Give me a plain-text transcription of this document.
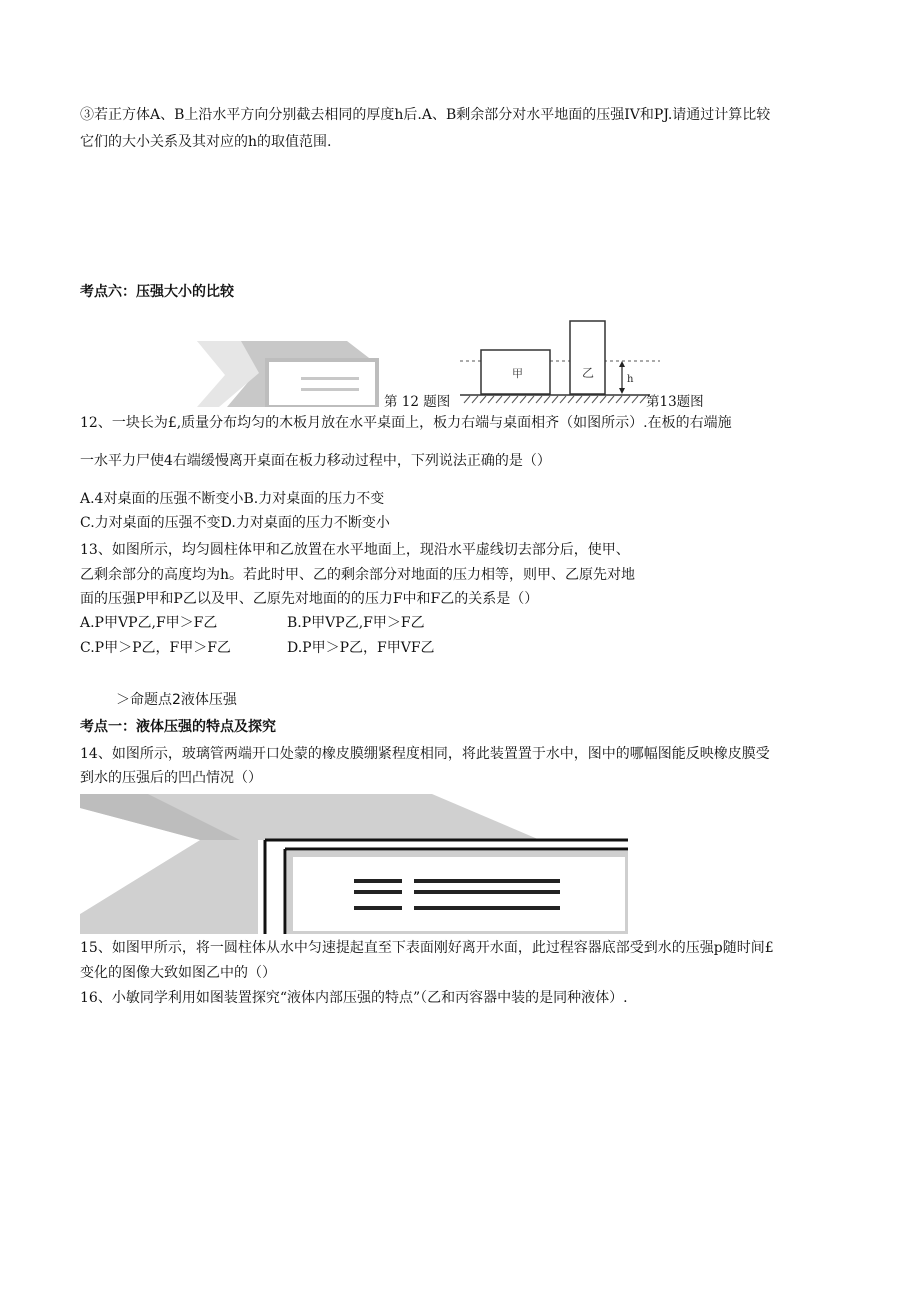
③若正方体A、B上沿水平方向分别截去相同的厚度h后.A、B剩余部分对水平地面的压强IV和PJ.请通过计算比较
它们的大小关系及其对应的h的取值范围.
考点六：压强大小的比较
第 12 题图
甲	乙	h
第13题图
12、一块长为£,质量分布均匀的木板月放在水平桌面上，板力右端与桌面相齐（如图所示）.在板的右端施
一水平力尸使4右端缓慢离开桌面在板力移动过程中，下列说法正确的是（）
A.4对桌面的压强不断变小B.力对桌面的压力不变
C.力对桌面的压强不变D.力对桌面的压力不断变小
13、如图所示，均匀圆柱体甲和乙放置在水平地面上，现沿水平虚线切去部分后，使甲、
乙剩余部分的高度均为h。若此时甲、乙的剩余部分对地面的压力相等，则甲、乙原先对地
面的压强P甲和P乙以及甲、乙原先对地面的的压力F中和F乙的关系是（）
A.P甲VP乙,F甲＞F乙	B.P甲VP乙,F甲＞F乙
C.P甲＞P乙，F甲＞F乙	D.P甲＞P乙，F甲VF乙
＞命题点2液体压强
考点一：液体压强的特点及探究
14、如图所示，玻璃管两端开口处蒙的橡皮膜绷紧程度相同，将此装置置于水中，图中的哪幅图能反映橡皮膜受
到水的压强后的凹凸情况（）
15、如图甲所示，将一圆柱体从水中匀速提起直至下表面刚好离开水面，此过程容器底部受到水的压强p随时间£
变化的图像大致如图乙中的（）
16、小敏同学利用如图装置探究“液体内部压强的特点”（乙和丙容器中装的是同种液体）.
